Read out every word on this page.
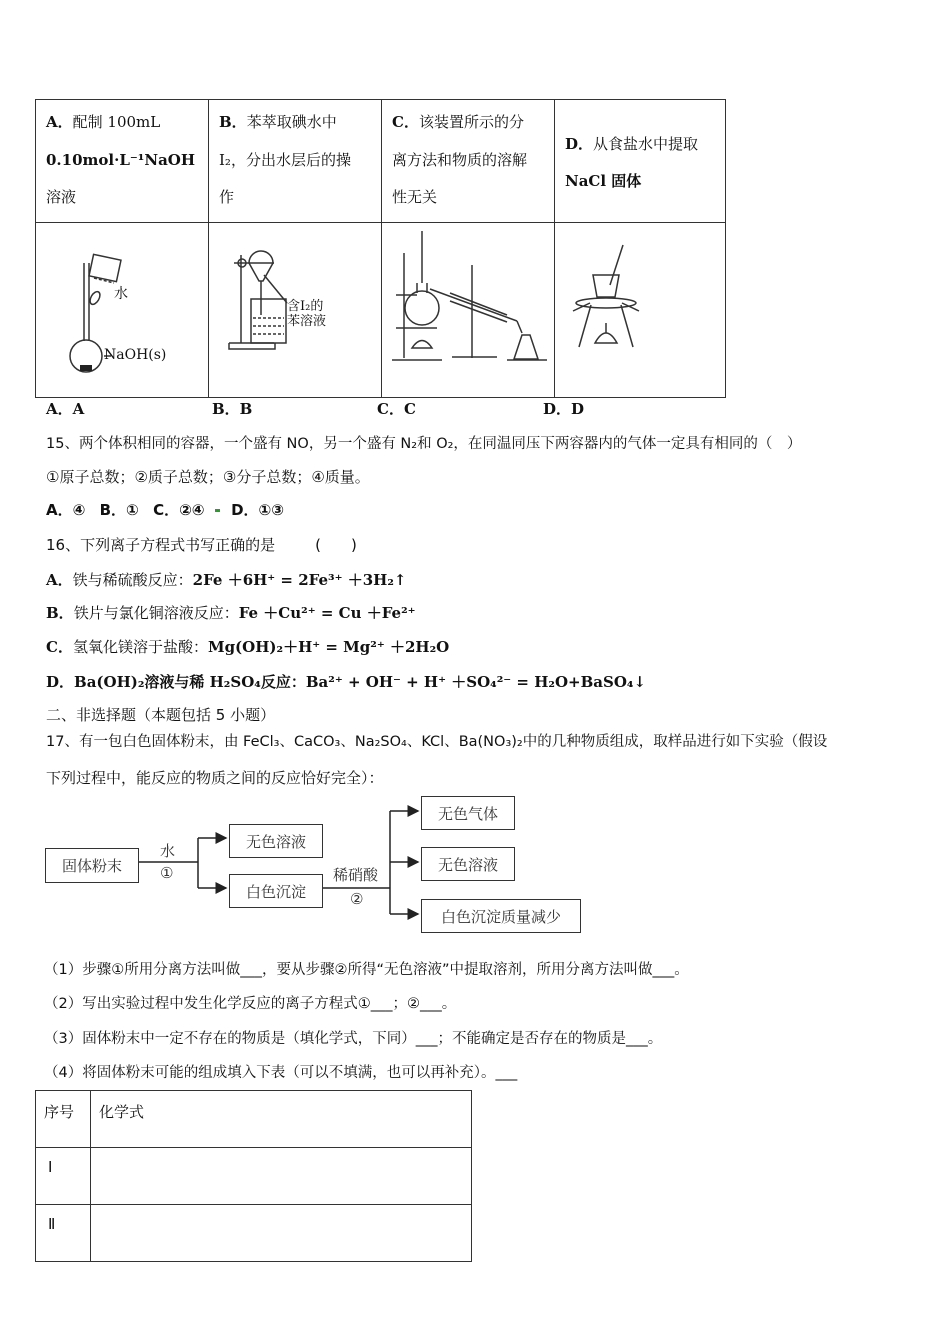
A．配制 100mL
0.10mol·L⁻¹NaOH
溶液

B．苯萃取碘水中
I₂，分出水层后的操
作

C．该装置所示的分
离方法和物质的溶解
性无关

D．从食盐水中提取
NaCl 固体

水
NaOH(s)

含I₂的
苯溶液

A．A	B．B	C．C	D．D
15、两个体积相同的容器，一个盛有 NO，另一个盛有 N₂和 O₂，在同温同压下两容器内的气体一定具有相同的（　）
①原子总数；②质子总数；③分子总数；④质量。
A．④ B．① C．②④ D．①③
16、下列离子方程式书写正确的是	(　　)
A．铁与稀硫酸反应：2Fe ＋6H⁺ = 2Fe³⁺ ＋3H₂↑
B．铁片与氯化铜溶液反应：Fe ＋Cu²⁺ = Cu ＋Fe²⁺
C．氢氧化镁溶于盐酸：Mg(OH)₂＋H⁺ = Mg²⁺ ＋2H₂O
D．Ba(OH)₂溶液与稀 H₂SO₄反应：Ba²⁺ + OH⁻ + H⁺ ＋SO₄²⁻ = H₂O+BaSO₄↓
二、非选择题（本题包括 5 小题）
17、有一包白色固体粉末，由 FeCl₃、CaCO₃、Na₂SO₄、KCl、Ba(NO₃)₂中的几种物质组成，取样品进行如下实验（假设
下列过程中，能反应的物质之间的反应恰好完全）：
固体粉末
水
①
无色溶液
白色沉淀
稀硝酸
②
无色气体
无色溶液
白色沉淀质量减少
（1）步骤①所用分离方法叫做___，要从步骤②所得“无色溶液”中提取溶剂，所用分离方法叫做___。
（2）写出实验过程中发生化学反应的离子方程式①___；②___。
（3）固体粉末中一定不存在的物质是（填化学式，下同）___；不能确定是否存在的物质是___。
（4）将固体粉末可能的组成填入下表（可以不填满，也可以再补充）。___
序号	化学式
Ⅰ	
Ⅱ	
